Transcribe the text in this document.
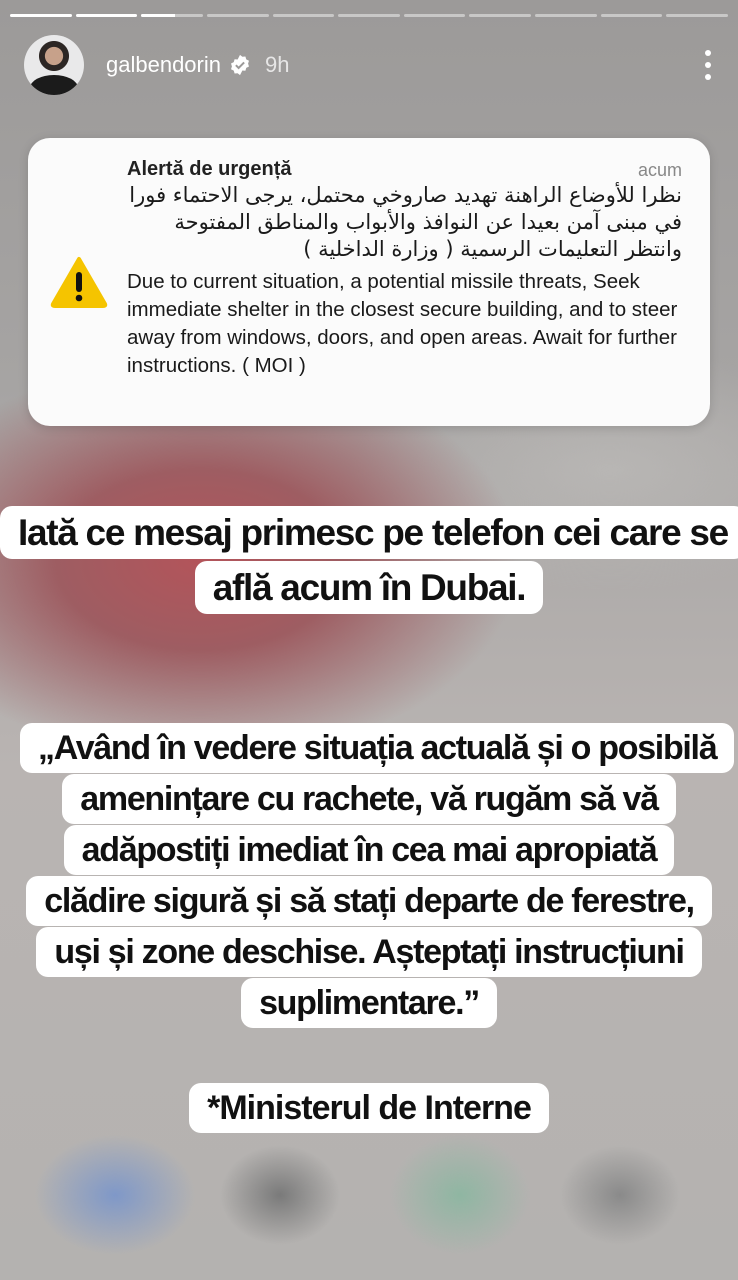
galbendorin 9h
Alertă de urgență	acum
نظرا للأوضاع الراهنة تهديد صاروخي محتمل، يرجى الاحتماء فورا في مبنى آمن بعيدا عن النوافذ والأبواب والمناطق المفتوحة وانتظر التعليمات الرسمية ( وزارة الداخلية )
Due to current situation, a potential missile threats, Seek immediate shelter in the closest secure building, and to steer away from windows, doors, and open areas. Await for further instructions. ( MOI )
Iată ce mesaj primesc pe telefon cei care se află acum în Dubai.
„Având în vedere situația actuală și o posibilă amenințare cu rachete, vă rugăm să vă adăpostiți imediat în cea mai apropiată clădire sigură și să stați departe de ferestre, uși și zone deschise. Așteptați instrucțiuni suplimentare.”
*Ministerul de Interne
